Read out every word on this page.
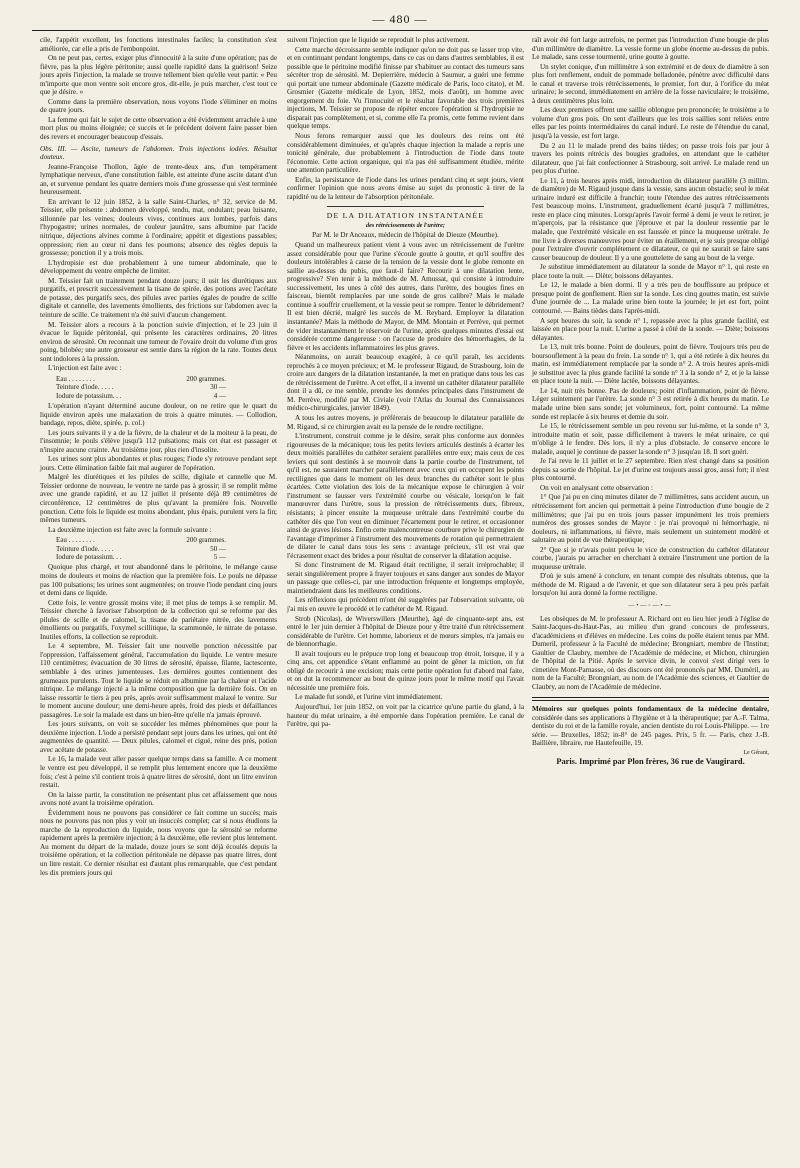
— 480 —

cile, l'appétit excellent, les fonctions intestinales faciles; la constitution s'est améliorée, car elle a pris de l'embonpoint.

On ne peut pas, certes, exiger plus d'innocuité à la suite d'une opération; pas de fièvre, pas la plus légère péritonite; aussi quelle rapidité dans la guérison! Seize jours après l'injection, la malade se trouve tellement bien qu'elle veut partir. « Peu m'importe que mon ventre soit encore gros, dit-elle, je puis marcher, c'est tout ce que je désire. »

Comme dans la première observation, nous voyons l'iode s'éliminer en moins de quatre jours.

La femme qui fait le sujet de cette observation a été évidemment arrachée à une mort plus ou moins éloignée; ce succès et le précédent doivent faire passer bien des revers et encourager beaucoup d'essais.

Obs. III. — Ascite, tumeurs de l'abdomen. Trois injections iodées. Résultat douteux.

Jeanne-Françoise Thollon, âgée de trente-deux ans, d'un tempérament lymphatique nerveux, d'une constitution faible, est atteinte d'une ascite datant d'un an, et survenue pendant les quatre derniers mois d'une grossesse qui s'est terminée heureusement.

En arrivant le 12 juin 1852, à la salle Saint-Charles, n° 32, service de M. Teissier, elle présente : abdomen développé, tendu, mat, ondulant; peau luisante, sillonnée par les veines; douleurs vives, continues aux lombes, parfois dans l'hypogastre; urines normales, de couleur jaunâtre, sans albumine par l'acide nitrique, déjections alvines comme à l'ordinaire; appétit et digestions passables; oppression; rien au cœur ni dans les poumons; absence des règles depuis la grossesse; ponction il y a trois mois.

L'hydropisie est due probablement à une tumeur abdominale, que le développement du ventre empêche de limiter.

M. Teissier fait un traitement pendant douze jours; il usit les diurétiques aux purgatifs, et prescrit successivement la tisane de spirée, des potions avec l'acétate de potasse, des purgatifs secs, des pilules avec parties égales de poudre de scille digitale et cannelle, des lavements émollients, des frictions sur l'abdomen avec la teinture de scille. Ce traitement n'a été suivi d'aucun changement.

M. Teissier alors a recours à la ponction suivie d'injection, et le 23 juin il évacue le liquide péritonéal, qui présente les caractères ordinaires, 20 litres environ de sérosité. On reconnait une tumeur de l'ovaire droit du volume d'un gros poing, bilobée; une autre grosseur est sentie dans la région de la rate. Toutes deux sont indolores à la pression.

L'injection est faite avec :

Eau . . . . . . . .	200 grammes.
Teinture d'iode. . . . .	30 —
Iodure de potassium. . .	4 —

L'opération n'ayant déterminé aucune douleur, on ne retire que le quart du liquide environ après une malaxation de trois à quatre minutes. — Collodion, bandage, repos, diète, spirée, p. col.)

Les jours suivants il y a de la fièvre, de la chaleur et de la moiteur à la peau, de l'insomnie; le pouls s'élève jusqu'à 112 pulsations; mais cet état est passager et n'inspire aucune crainte. Au troisième jour, plus rien d'insolite.

Les urines sont plus abondantes et plus rouges; l'iode s'y retrouve pendant sept jours. Cette élimination faible fait mal augurer de l'opération.

Malgré les diurétiques et les pilules de scille, digitale et cannelle que M. Teissier ordonne de nouveau, le ventre ne tarde pas à grossir; il se remplit même avec une grande rapidité, et au 12 juillet il présente déjà 89 centimètres de circonférence, 12 centimètres de plus qu'avant la première fois. Nouvelle ponction. Cette fois le liquide est moins abondant, plus épais, purulent vers la fin; mêmes tumeurs.

La deuxième injection est faite avec la formule suivante :

Eau . . . . . . . .	200 grammes.
Teinture d'iode. . . . .	50 —
Iodure de potassium. . .	5 —

Quoique plus chargé, et tout abandonné dans le péritoine, le mélange cause moins de douleurs et moins de réaction que la première fois. Le pouls ne dépasse pas 100 pulsations; les urines sont augmentées; on trouve l'iode pendant cinq jours et demi dans ce liquide.

Cette fois, le ventre grossit moins vite; il met plus de temps à se remplir. M. Teissier cherche à favoriser l'absorption de la collection qui se reforme par des pilules de scille et de calomel, la tisane de pariétaire nitrée, des lavements émollients ou purgatifs, l'oxymel scillitique, la scammonée, le nitrate de potasse. Inutiles efforts, la collection se reproduit.

Le 4 septembre, M. Teissier fait une nouvelle ponction nécessitée par l'oppression, l'affaissement général, l'accumulation du liquide. Le ventre mesure 110 centimètres; évacuation de 30 litres de sérosité, épaisse, filante, lactescente, semblable à des urines jumenteuses. Les dernières gouttes contiennent des grumeaux purulents. Tout le liquide se réduit en albumine par la chaleur et l'acide nitrique. Le mélange injecté a la même composition que la dernière fois. On en laisse ressortir le tiers à peu près, après avoir suffisamment malaxé le ventre. Sur le moment aucune douleur; une demi-heure après, froid des pieds et défaillances passagères. Le soir la malade est dans un bien-être qu'elle n'a jamais éprouvé.

Les jours suivants, on voit se succéder les mêmes phénomènes que pour la deuxième injection. L'iode a persisté pendant sept jours dans les urines, qui ont été augmentées de quantité. — Deux pilules, calomel et cigué, reine des prés, potion avec acétate de potasse.

Le 16, la malade veut aller passer quelque temps dans sa famille. A ce moment le ventre est peu développé, il se remplit plus lentement encore que la deuxième fois; c'est à peine s'il contient trois à quatre litres de sérosité, dont un litre environ restait.

On la laisse partir, la constitution ne présentant plus cet affaissement que nous avons noté avant la troisième opération.

Évidemment nous ne pouvons pas considérer ce fait comme un succès; mais nous ne pouvons pas non plus y voir un insuccès complet; car si nous étudions la marche de la reproduction du liquide, nous voyons que la sérosité se reforme rapidement après la première injection; à la deuxième, elle revient plus lentement. Au moment du départ de la malade, douze jours se sont déjà écoulés depuis la troisième opération, et la collection péritonéale ne dépasse pas quatre litres, dont un litre restait. Ce dernier résultat est d'autant plus remarquable, que c'est pendant les dix premiers jours qui

suivent l'injection que le liquide se reproduit le plus activement.

Cette marche décroissante semble indiquer qu'on ne doit pas se lasser trop vite, et en continuant pendant longtemps, dans ce cas ou dans d'autres semblables, il est possible que le péritoine modifié finisse par s'habituer au contact des tumeurs sans sécréter trop de sérosité. M. Depierrière, médecin à Saumur, a guéri une femme qui portait une tumeur abdominale (Gazette médicale de Paris, loco citato), et M. Grosmier (Gazette médicale de Lyon, 1852, mois d'août), un homme avec engorgement du foie. Vu l'innocuité et le résultat favorable des trois premières injections, M. Teissier se propose de répéter encore l'opération si l'hydropisie ne disparait pas complètement, et si, comme elle l'a promis, cette femme revient dans quelque temps.

Nous ferons remarquer aussi que les douleurs des reins ont été considérablement diminuées, et qu'après chaque injection la malade a repris une tonicité générale, due probablement à l'introduction de l'iode dans toute l'économie. Cette action organique, qui n'a pas été suffisamment étudiée, mérite une attention particulière.

Enfin, la persistance de l'iode dans les urines pendant cinq et sept jours, vient confirmer l'opinion que nous avons émise au sujet du pronostic à tirer de la rapidité ou de la lenteur de l'absorption péritonéale.

DE LA DILATATION INSTANTANÉE

des rétrécissements de l'urètre;

Par M. le Dr Anceaux, médecin de l'hôpital de Dieuze (Meurthe).

Quand un malheureux patient vient à vous avec un rétrécissement de l'urètre assez considérable pour que l'urine s'écoule goutte à goutte, et qu'il souffre des douleurs intolérables à cause de la tension de la vessie dont le globe remonte en saillie au-dessus du pubis, que faut-il faire? Recourir à une dilatation lente, progressive? S'en tenir à la méthode de M. Amussat, qui consiste à introduire successivement, les unes à côté des autres, dans l'urètre, des bougies fines en faisceau, bientôt remplacées par une sonde de gros calibre? Mais le malade continue à souffrir cruellement, et la vessie peut se rompre. Tenter le débridement? Il est bien décrié, malgré les succès de M. Reybard. Employer la dilatation instantanée? Mais la méthode de Mayor, de MM. Montain et Perrève, qui permet de vider instantanément le réservoir de l'urine, après quelques minutes d'essai est considérée comme dangereuse : on l'accuse de produire des hémorrhagies, de la fièvre et les accidents inflammatoires les plus graves.

Néanmoins, on aurait beaucoup exagéré, à ce qu'il paraît, les accidents reprochés à ce moyen précieux; et M. le professeur Rigaud, de Strasbourg, loin de croire aux dangers de la dilatation instantanée, la met en pratique dans tous les cas de rétrécissement de l'urètre. A cet effet, il a inventé un cathéter dilatateur parallèle dont il a dû, ce me semble, prendre les données principales dans l'instrument de M. Perrève, modifié par M. Civiale (voir l'Atlas du Journal des Connaissances médico-chirurgicales, janvier 1849).

A tous les autres moyens, je préférerais de beaucoup le dilatateur parallèle de M. Rigaud, si ce chirurgien avait eu la pensée de le rendre rectiligne.

L'instrument, construit comme je le désire, serait plus conforme aux données rigoureuses de la mécanique; tous les petits leviers articulés destinés à écarter les deux moitiés parallèles du cathéter seraient parallèles entre eux; mais ceux de ces leviers qui sont destinés à se mouvoir dans la partie courbe de l'instrument, tel qu'il est, ne sauraient marcher parallèlement avec ceux qui en occupent les points rectilignes que dans le moment où les deux branches du cathéter sont le plus écartées. Cette violation des lois de la mécanique expose le chirurgien à voir l'instrument se fausser vers l'extrémité courbe ou vésicale, lorsqu'on le fait manœuvrer dans l'urètre, sous la pression de rétrécissements durs, fibreux, résistants; à pincer ensuite la muqueuse urétrale dans l'extrémité courbe du cathéter dès que l'on veut en diminuer l'écartement pour le retirer, et occasionner ainsi de graves lésions. Enfin cette malencontreuse courbure prive le chirurgien de l'avantage d'imprimer à l'instrument des mouvements de rotation qui permettraient de dilater le canal dans tous les sens : avantage précieux, s'il est vrai que l'écrasement exact des brides a pour résultat de conserver la dilatation acquise.

Si donc l'instrument de M. Rigaud était rectiligne, il serait irréprochable; il serait singulièrement propre à frayer toujours et sans danger aux sondes de Mayor un passage que celles-ci, par une introduction fréquente et longtemps employée, maintiendraient dans les meilleures conditions.

Les réflexions qui précèdent m'ont été suggérées par l'observation suivante, où j'ai mis en œuvre le procédé et le cathéter de M. Rigaud.

Strob (Nicolas), de Wiverswillers (Meurthe), âgé de cinquante-sept ans, est entré le 1er juin dernier à l'hôpital de Dieuze pour y être traité d'un rétrécissement considérable de l'urètre. Cet homme, laborieux et de mœurs simples, n'a jamais eu de blennorrhagie.

Il avait toujours eu le prépuce trop long et beaucoup trop étroit, lorsque, il y a cinq ans, cet appendice s'étant enflammé au point de gêner la miction, on fut obligé de recourir à une excision; mais cette petite opération fut d'abord mal faite, et on dut la recommencer au bout de quinze jours pour le même motif qui l'avait nécessitée une première fois.

Le malade fut sondé, et l'urine vint immédiatement.

Aujourd'hui, 1er juin 1852, on voit par la cicatrice qu'une partie du gland, à la hauteur du méat urinaire, a été emportée dans l'opération première. Le canal de l'urètre, qui pa-

raît avoir été fort large autrefois, ne permet pas l'introduction d'une bougie de plus d'un millimètre de diamètre. La vessie forme un globe énorme au-dessus du pubis. Le malade, sans cesse tourmenté, urine goutte à goutte.

Un stylet conique, d'un millimètre à son extrémité et de deux de diamètre à son plus fort renflement, enduit de pommade belladonée, pénètre avec difficulté dans le canal et traverse trois rétrécissements, le premier, fort dur, à l'orifice du méat urinaire; le second, immédiatement en arrière de la fosse naviculaire; le troisième, à deux centimètres plus loin.

Les deux premiers offrent une saillie oblongue peu prononcée; le troisième a le volume d'un gros pois. On sent d'ailleurs que les trois saillies sont reliées entre elles par les points intermédiaires du canal induré. Le reste de l'étendue du canal, jusqu'à la vessie, est fort large.

Du 2 au 11 le malade prend des bains tièdes; on passe trois fois par jour à travers les points rétrécis des bougies graduées, en attendant que le cathéter dilatateur, que j'ai fait confectionner à Strasbourg, soit arrivé. Le malade rend un peu plus d'urine.

Le 11, à trois heures après midi, introduction du dilatateur parallèle (3 millim. de diamètre) de M. Rigaud jusque dans la vessie, sans aucun obstacle; seul le méat urinaire induré est difficile à franchir; toute l'étendue des autres rétrécissements l'est beaucoup moins. L'instrument, graduellement écarté jusqu'à 7 millimètres, reste en place cinq minutes. Lorsqu'après l'avoir fermé à demi je veux le retirer, je m'aperçois, par la résistance que j'éprouve et par la douleur ressentie par le malade, que l'extrémité vésicale en est faussée et pince la muqueuse urétrale. Je me livre à diverses manœuvres pour éviter un éraillement, et je suis presque obligé pour l'extraire d'ouvrir complètement ce dilatateur, ce qui ne saurait se faire sans causer beaucoup de douleur. Il y a une gouttelette de sang au bout de la verge.

Je substitue immédiatement au dilatateur la sonde de Mayor n° 1, qui reste en place toute la nuit. — Diète; boissons délayantes.

Le 12, le malade a bien dormi. Il y a très peu de bouffissure au prépuce et presque point de gonflement. Rien sur la sonde. Les cinq gouttes matin, est suivie d'une journée de ... La malade urine bien toute la journée; le jet est fort, point contourné. — Bains tièdes dans l'après-midi.

A sept heures du soir, la sonde n° 1, repassée avec la plus grande facilité, est laissée en place pour la nuit. L'urine a passé à côté de la sonde. — Diète; boissons délayantes.

Le 13, nuit très bonne. Point de douleurs, point de fièvre. Toujours très peu de boursouflement à la peau du frein. La sonde n° 1, qui a été retirée à dix heures du matin, est immédiatement remplacée par la sonde n° 2. A trois heures après-midi je substitue avec la plus grande facilité la sonde n° 3 à la sonde n° 2, et je la laisse en place toute la nuit. — Diète lactée, boissons délayantes.

Le 14, nuit très bonne. Pas de douleurs; point d'inflammation, point de fièvre. Léger suintement par l'urètre. La sonde n° 3 est retirée à dix heures du matin. Le malade urine bien sans sonde; jet volumineux, fort, point contourné. La même sonde est replacée à six heures et demie du soir.

Le 15, le rétrécissement semble un peu revenu sur lui-même, et la sonde n° 3, introduite matin et soir, passe difficilement à travers le méat urinaire, ce qui m'oblige à le fendre. Dès lors, il n'y a plus d'obstacle. Je conserve encore le malade, auquel je continue de passer la sonde n° 3 jusqu'au 18. Il sort guéri.

Je l'ai revu le 11 juillet et le 27 septembre. Rien n'est changé dans sa position depuis sa sortie de l'hôpital. Le jet d'urine est toujours aussi gros, aussi fort; il n'est plus contourné.

On voit en analysant cette observation :

1° Que j'ai pu en cinq minutes dilater de 7 millimètres, sans accident aucun, un rétrécissement fort ancien qui permettait à peine l'introduction d'une bougie de 2 millimètres; que j'ai pu en trois jours passer impunément les trois premiers numéros des grosses sondes de Mayor : je n'ai provoqué ni hémorrhagie, ni douleurs, ni inflammations, ni fièvre, mais seulement un suintement modéré et salutaire au point de vue thérapeutique;

2° Que si je n'avais point prévu le vice de construction du cathéter dilatateur courbe, j'aurais pu arracher en cherchant à extraire l'instrument une portion de la muqueuse urétrale.

D'où je suis amené à conclure, en tenant compte des résultats obtenus, que la méthode de M. Rigaud a de l'avenir, et que son dilatateur sera à peu près parfait lorsqu'on lui aura donné la forme rectiligne.

—•—◦—•—

Les obsèques de M. le professeur A. Richard ont eu lieu hier jeudi à l'église de Saint-Jacques-du-Haut-Pas, au milieu d'un grand concours de professeurs, d'académiciens et d'élèves en médecine. Les coins du poêle étaient tenus par MM. Dumeril, professeur à la Faculté de médecine; Brongniart, membre de l'Institut; Gaultier de Claubry, membre de l'Académie de médecine, et Michon, chirurgien de l'hôpital de la Pitié. Après le service divin, le convoi s'est dirigé vers le cimetière Mont-Parnasse, où des discours ont été prononcés par MM. Duméril, au nom de la Faculté; Brongniart, au nom de l'Académie des sciences, et Gaultier de Claubry, au nom de l'Académie de médecine.

Mémoires sur quelques points fondamentaux de la médecine dentaire, considérée dans ses applications à l'hygiène et à la thérapeutique; par A.-F. Talma, dentiste du roi et de la famille royale, ancien dentiste du roi Louis-Philippe. — 1re série. — Bruxelles, 1852; in-8° de 245 pages. Prix, 5 fr. — Paris, chez J.-B. Baillière, libraire, rue Hautefeuille, 19.

Le Gérant,

Paris. Imprimé par Plon frères, 36 rue de Vaugirard.
